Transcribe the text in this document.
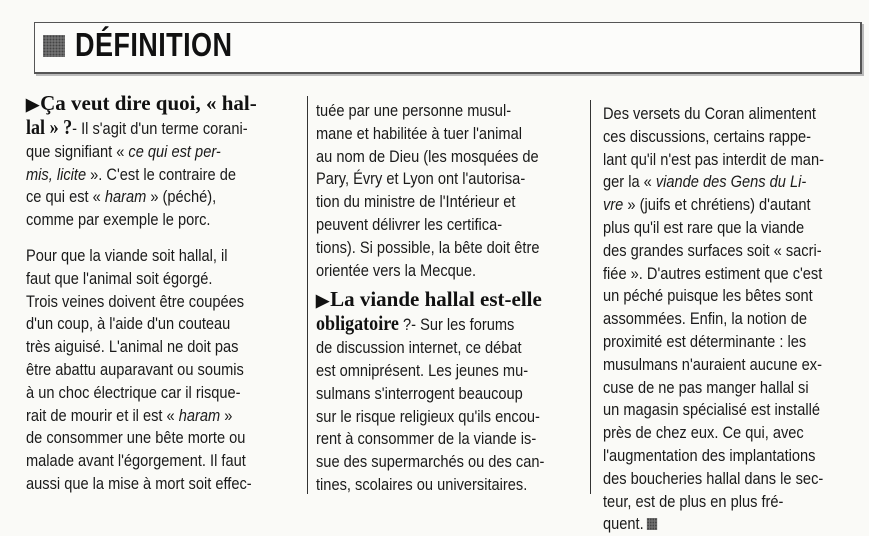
DÉFINITION
▶Ça veut dire quoi, « hal-
lal » ?- Il s'agit d'un terme corani-
que signifiant « ce qui est per-
mis, licite ». C'est le contraire de
ce qui est « haram » (péché),
comme par exemple le porc.
Pour que la viande soit hallal, il
faut que l'animal soit égorgé.
Trois veines doivent être coupées
d'un coup, à l'aide d'un couteau
très aiguisé. L'animal ne doit pas
être abattu auparavant ou soumis
à un choc électrique car il risque-
rait de mourir et il est « haram »
de consommer une bête morte ou
malade avant l'égorgement. Il faut
aussi que la mise à mort soit effec-
tuée par une personne musul-
mane et habilitée à tuer l'animal
au nom de Dieu (les mosquées de
Pary, Évry et Lyon ont l'autorisa-
tion du ministre de l'Intérieur et
peuvent délivrer les certifica-
tions). Si possible, la bête doit être
orientée vers la Mecque.
▶La viande hallal est-elle
obligatoire ?- Sur les forums
de discussion internet, ce débat
est omniprésent. Les jeunes mu-
sulmans s'interrogent beaucoup
sur le risque religieux qu'ils encou-
rent à consommer de la viande is-
sue des supermarchés ou des can-
tines, scolaires ou universitaires.
Des versets du Coran alimentent
ces discussions, certains rappe-
lant qu'il n'est pas interdit de man-
ger la « viande des Gens du Li-
vre » (juifs et chrétiens) d'autant
plus qu'il est rare que la viande
des grandes surfaces soit « sacri-
fiée ». D'autres estiment que c'est
un péché puisque les bêtes sont
assommées. Enfin, la notion de
proximité est déterminante : les
musulmans n'auraient aucune ex-
cuse de ne pas manger hallal si
un magasin spécialisé est installé
près de chez eux. Ce qui, avec
l'augmentation des implantations
des boucheries hallal dans le sec-
teur, est de plus en plus fré-
quent.
